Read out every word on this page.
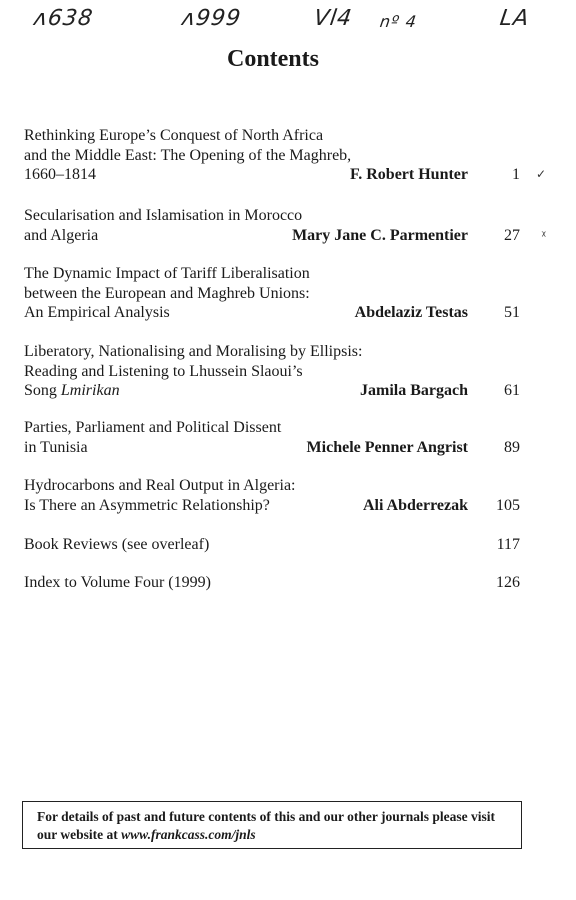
ʌ638	ʌ999	Vl4 nº 4	LA
Contents
Rethinking Europe’s Conquest of North Africa
and the Middle East: The Opening of the Maghreb,
1660–1814	F. Robert Hunter	1 ✓
Secularisation and Islamisation in Morocco
and Algeria	Mary Jane C. Parmentier	27 ᵡ
The Dynamic Impact of Tariff Liberalisation
between the European and Maghreb Unions:
An Empirical Analysis	Abdelaziz Testas	51
Liberatory, Nationalising and Moralising by Ellipsis:
Reading and Listening to Lhussein Slaoui’s
Song Lmirikan	Jamila Bargach	61
Parties, Parliament and Political Dissent
in Tunisia	Michele Penner Angrist	89
Hydrocarbons and Real Output in Algeria:
Is There an Asymmetric Relationship?	Ali Abderrezak	105
Book Reviews (see overleaf)	117
Index to Volume Four (1999)	126
For details of past and future contents of this and our other journals please visit our website at www.frankcass.com/jnls
